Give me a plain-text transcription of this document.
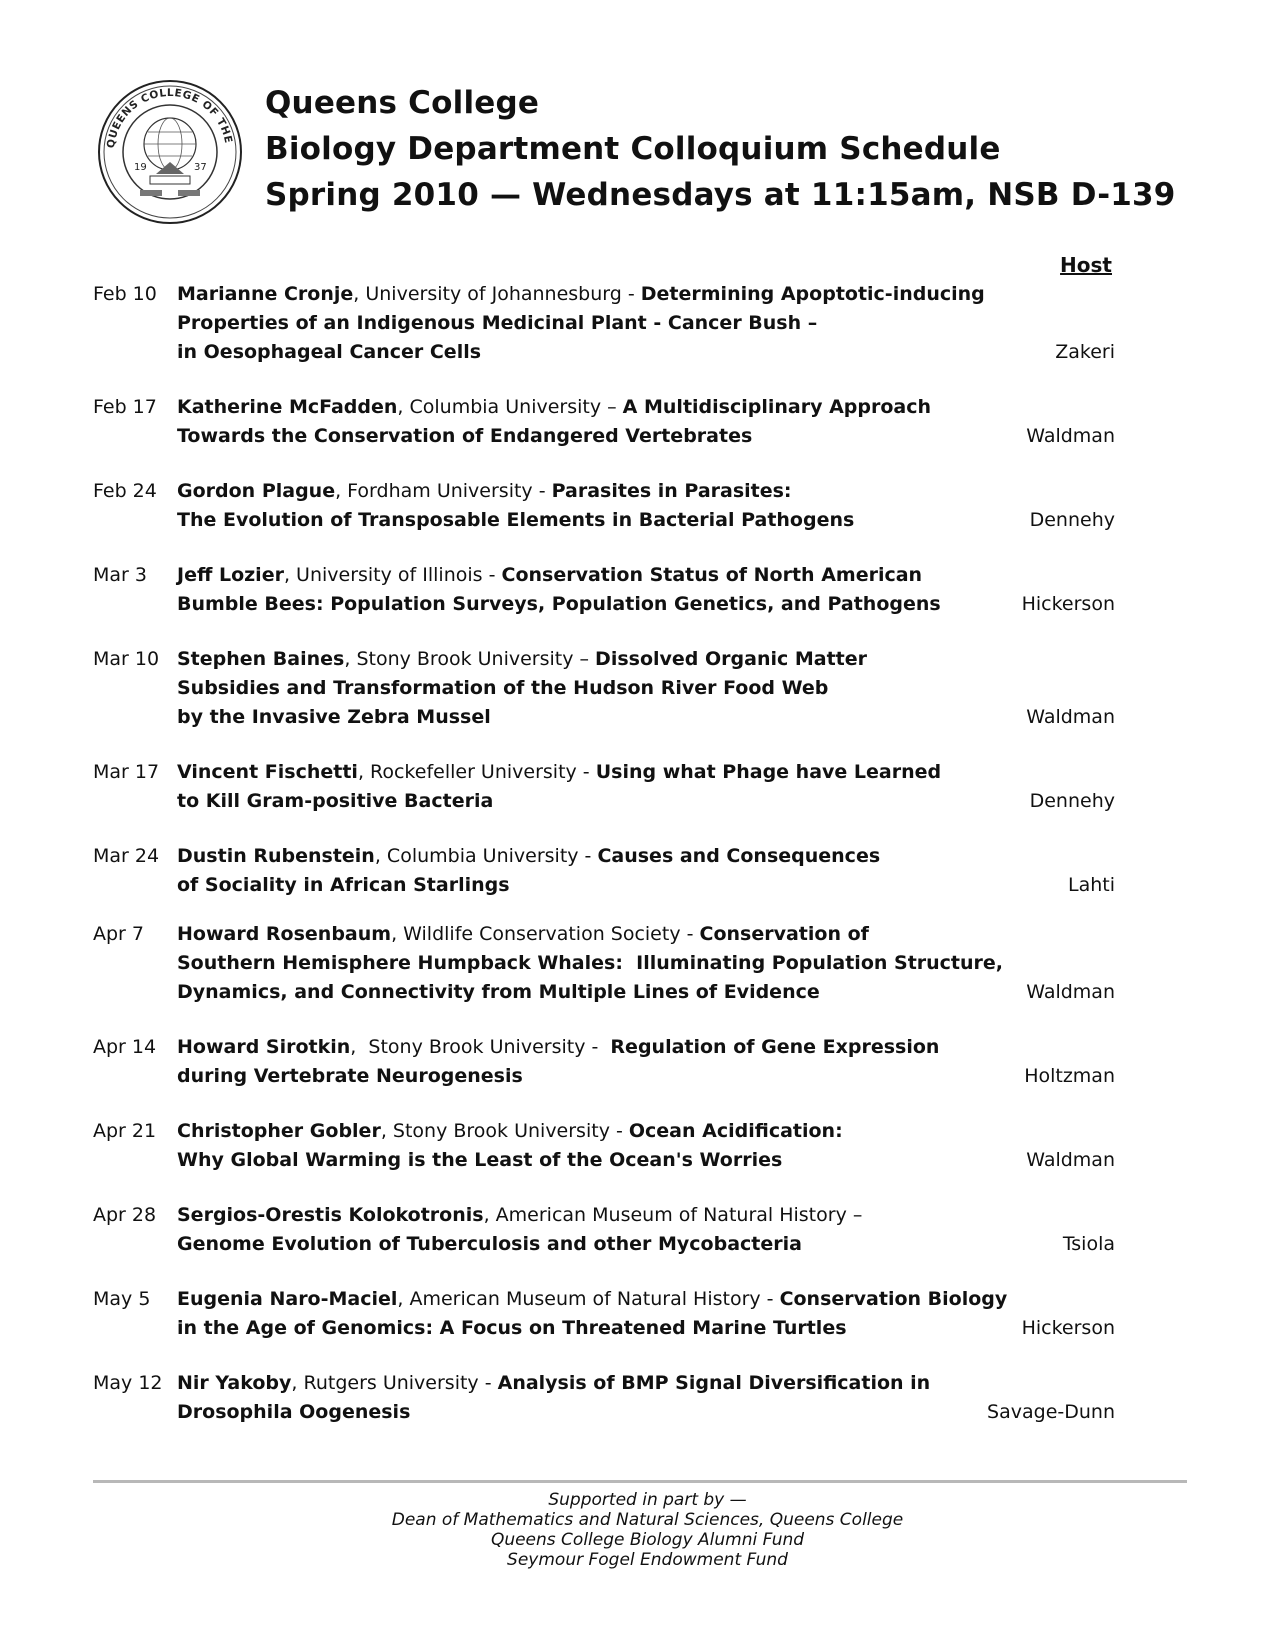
QUEENS COLLEGE OF THE
19	37
Queens College
Biology Department Colloquium Schedule
Spring 2010 — Wednesdays at 11:15am, NSB D-139
Host
Feb 10	Marianne Cronje, University of Johannesburg - Determining Apoptotic-inducing
Properties of an Indigenous Medicinal Plant - Cancer Bush –
in Oesophageal Cancer Cells	Zakeri
Feb 17	Katherine McFadden, Columbia University – A Multidisciplinary Approach
Towards the Conservation of Endangered Vertebrates	Waldman
Feb 24	Gordon Plague, Fordham University - Parasites in Parasites:
The Evolution of Transposable Elements in Bacterial Pathogens	Dennehy
Mar 3	Jeff Lozier, University of Illinois - Conservation Status of North American
Bumble Bees: Population Surveys, Population Genetics, and Pathogens	Hickerson
Mar 10 Stephen Baines, Stony Brook University – Dissolved Organic Matter
Subsidies and Transformation of the Hudson River Food Web
by the Invasive Zebra Mussel	Waldman
Mar 17 Vincent Fischetti, Rockefeller University - Using what Phage have Learned
to Kill Gram-positive Bacteria	Dennehy
Mar 24 Dustin Rubenstein, Columbia University - Causes and Consequences
of Sociality in African Starlings	Lahti
Apr 7	Howard Rosenbaum, Wildlife Conservation Society - Conservation of
Southern Hemisphere Humpback Whales:  Illuminating Population Structure,
Dynamics, and Connectivity from Multiple Lines of Evidence	Waldman
Apr 14	Howard Sirotkin,  Stony Brook University -  Regulation of Gene Expression
during Vertebrate Neurogenesis	Holtzman
Apr 21	Christopher Gobler, Stony Brook University - Ocean Acidification:
Why Global Warming is the Least of the Ocean's Worries	Waldman
Apr 28	Sergios-Orestis Kolokotronis, American Museum of Natural History –
Genome Evolution of Tuberculosis and other Mycobacteria	Tsiola
May 5	Eugenia Naro-Maciel, American Museum of Natural History - Conservation Biology
in the Age of Genomics: A Focus on Threatened Marine Turtles	Hickerson
May 12 Nir Yakoby, Rutgers University - Analysis of BMP Signal Diversification in
Drosophila Oogenesis	Savage-Dunn
Supported in part by —
Dean of Mathematics and Natural Sciences, Queens College
Queens College Biology Alumni Fund
Seymour Fogel Endowment Fund
